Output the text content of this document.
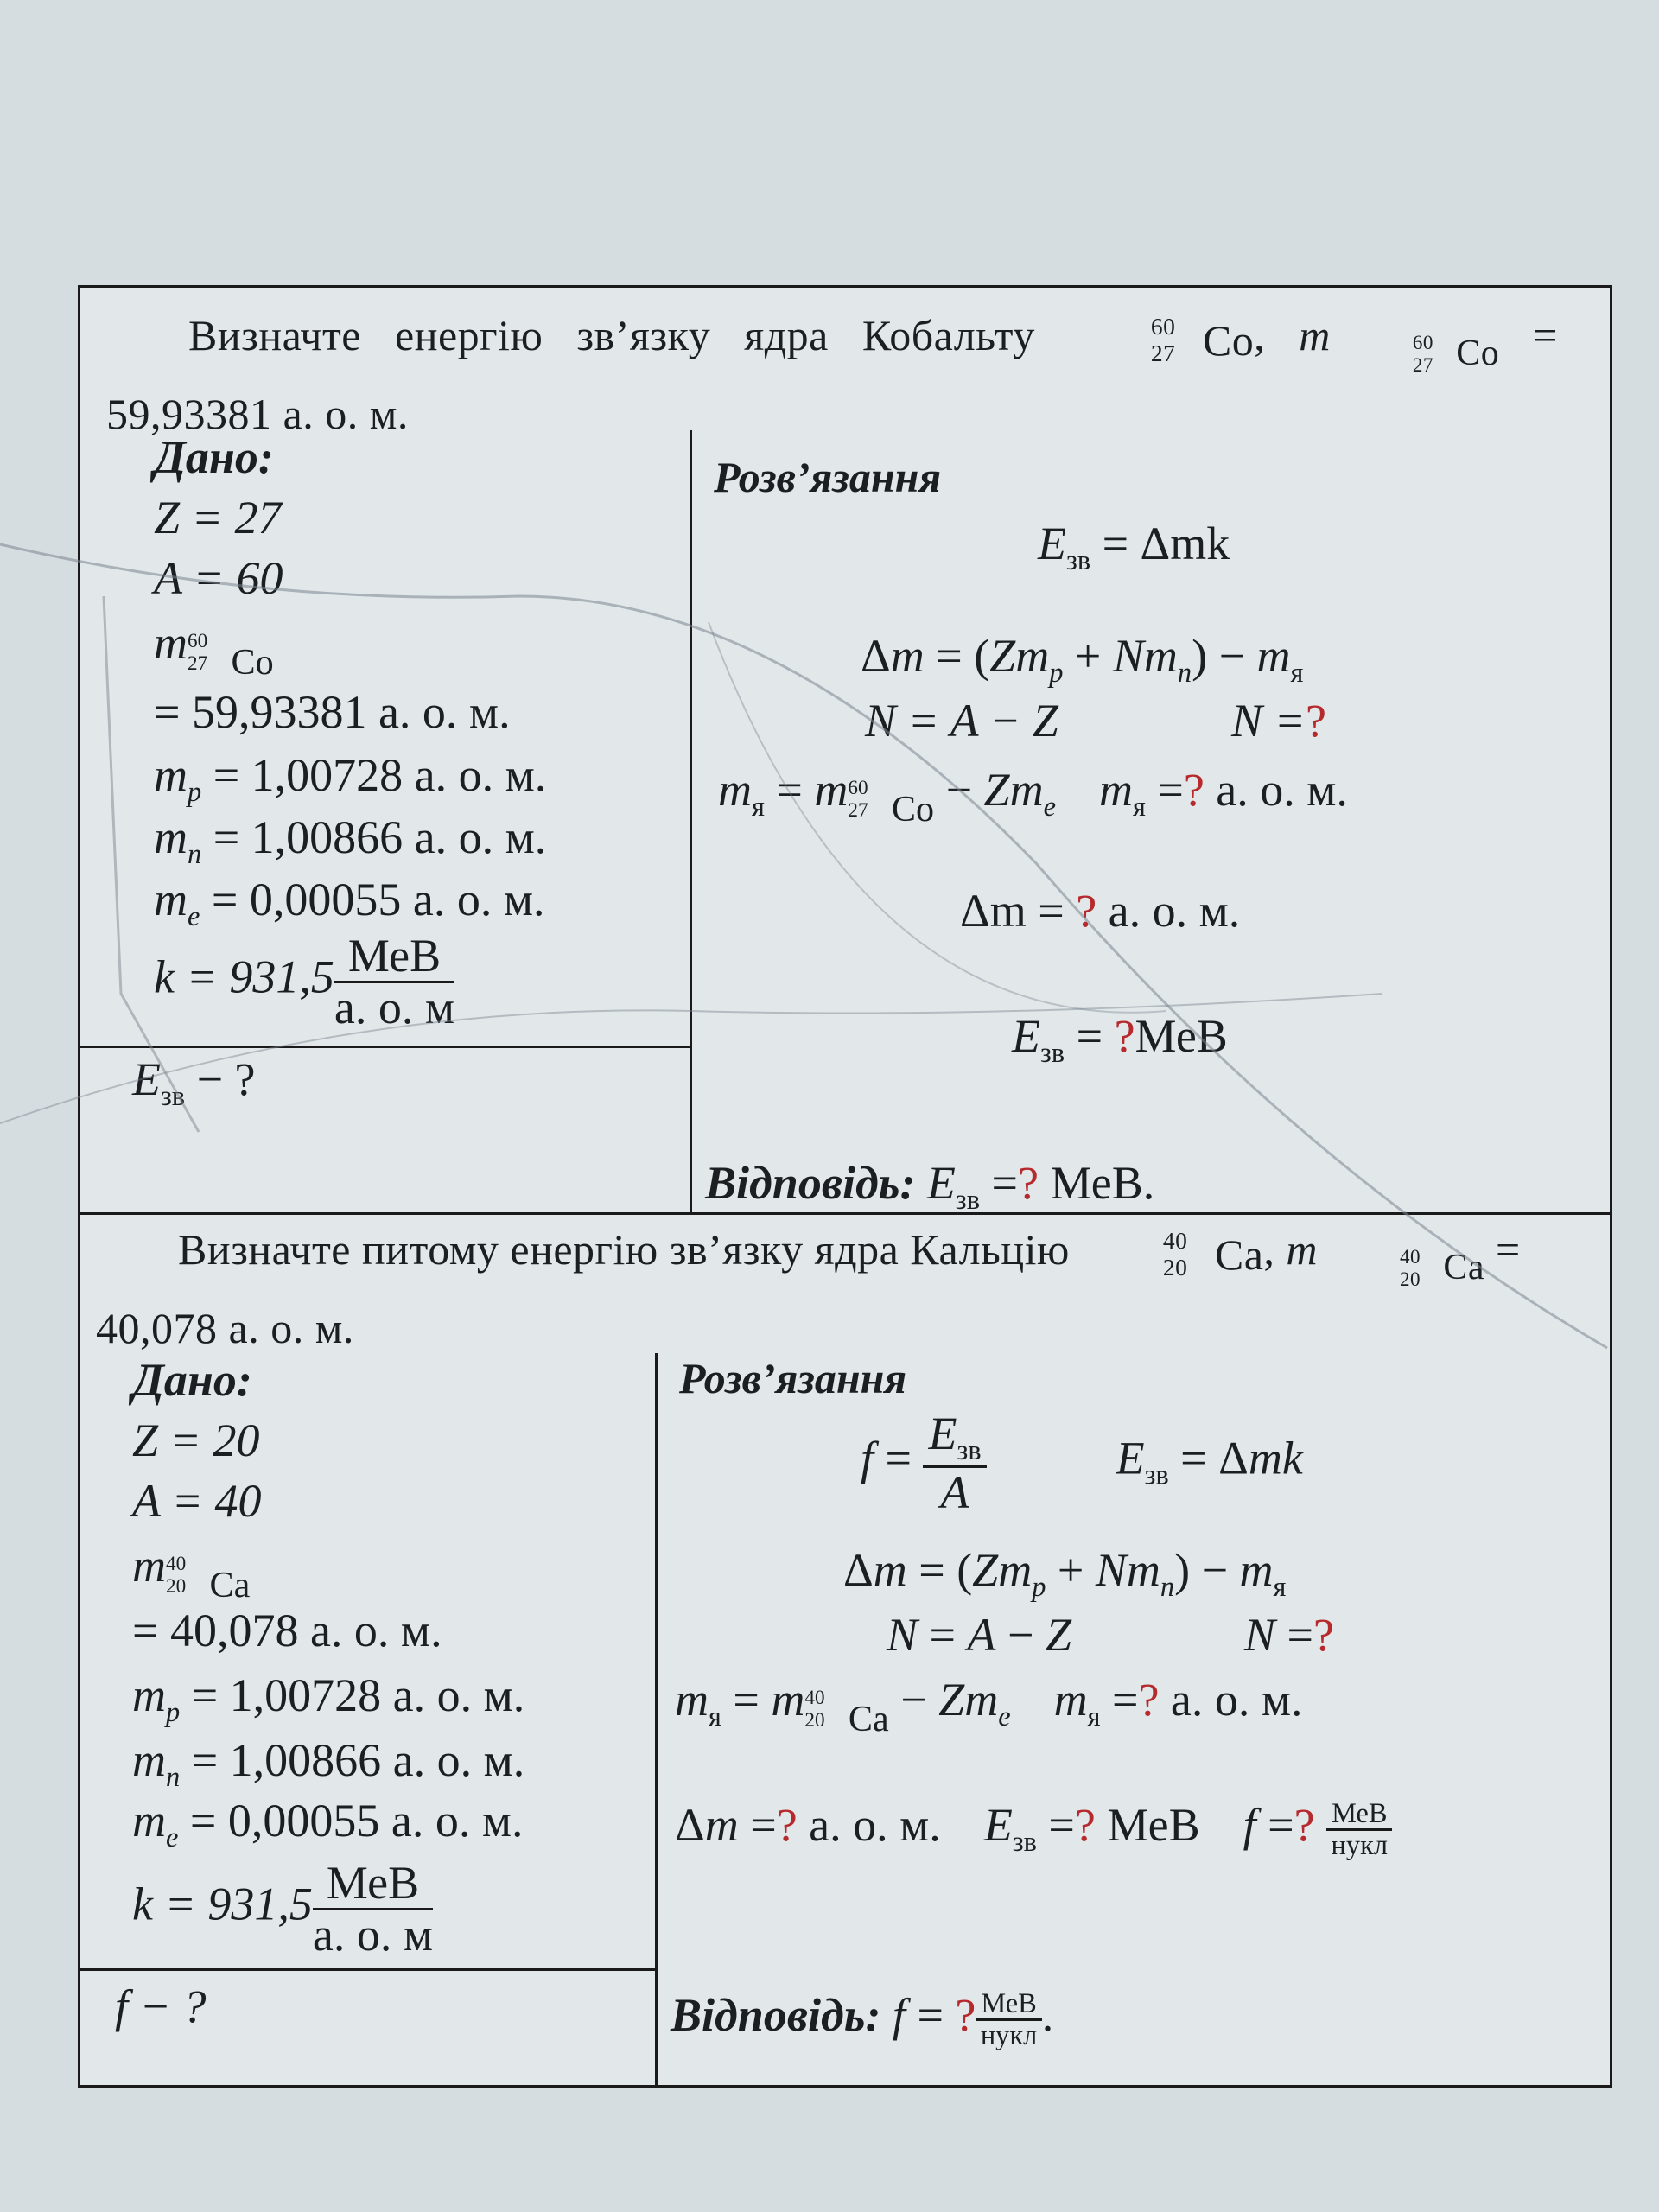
Визначте енергію зв’язку ядра Кобальту	60
27 Co, m	$_{60 27 Co}$ =
59,93381 а. о. м.
Дано:
Z = 27
A = 60
m $_{60 27 Co}$
= 59,93381 а. о. м.
$m_p = 1,00728$ а. о. м.
$m_n = 1,00866$ а. о. м.
$m_e = 0,00055$ а. о. м.
$k = 931,5 \frac{\text{МеВ}}{а. о. м}$
$E_{зв}$ − ?
Розв’язання
$E_{зв} = \Delta mk$
$\Delta m = (Zm_p + Nm_n) - m_я$
N = A − Z	N =?
$m_я = m$ $_{60 27 Co} - Zm_e$ $m_я$ =? а. о. м.
Δm = ? а. о. м.
$E_{зв}$ = ?МеВ
Відповідь: $E_{зв}$ =? МеВ.
Визначте питому енергію зв’язку ядра Кальцію	40
20 Ca, m	$_{40 20 Ca}$ =
40,078 а. о. м.
Дано:
Z = 20
A = 40
m $_{40 20 Ca}$
= 40,078 а. о. м.
$m_p = 1,00728$ а. о. м.
$m_n = 1,00866$ а. о. м.
$m_e = 0,00055$ а. о. м.
$k = 931,5 \frac{\text{МеВ}}{а. о. м}$
f − ?
Розв’язання
$f = \frac{E_{зв}}{A}$	$E_{зв} = \Delta mk$
$\Delta m = (Zm_p + Nm_n) - m_я$
N = A − Z	N =?
$m_я = m$ $_{40 20 Ca} - Zm_e$ $m_я$ =? а. о. м.
Δm =? а. о. м. $E_{зв}$ =? МеВ f =? $\frac{\text{МеВ}}{\text{нукл}}$
Відповідь: f = ? $\frac{\text{МеВ}}{\text{нукл}}$ .
